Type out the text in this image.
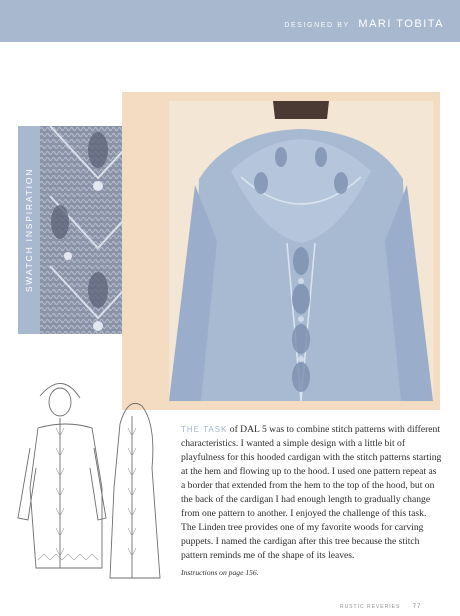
DESIGNED BY MARI TOBITA
SWATCH INSPIRATION

THE TASK of DAL 5 was to combine stitch patterns with different characteristics. I wanted a simple design with a little bit of playfulness for this hooded cardigan with the stitch patterns starting at the hem and flowing up to the hood. I used one pattern repeat as a border that extended from the hem to the top of the hood, but on the back of the cardigan I had enough length to gradually change from one pattern to another. I enjoyed the challenge of this task. The Linden tree provides one of my favorite woods for carving puppets. I named the cardigan after this tree because the stitch pattern reminds me of the shape of its leaves.

Instructions on page 156.
RUSTIC REVERIES 77
